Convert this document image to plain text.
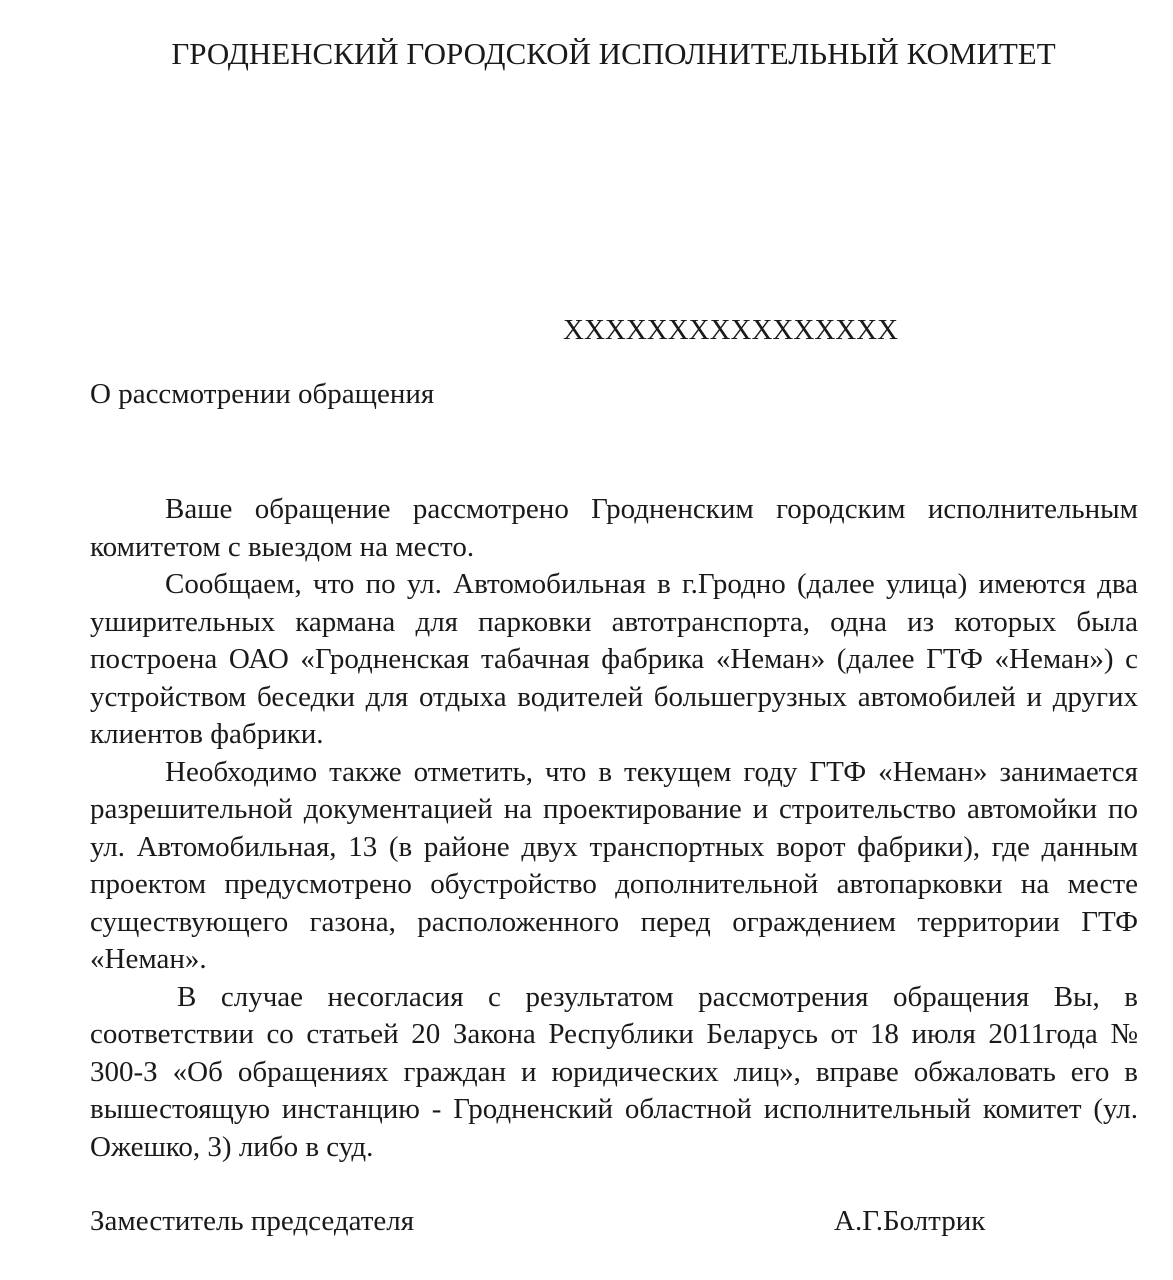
ГРОДНЕНСКИЙ ГОРОДСКОЙ ИСПОЛНИТЕЛЬНЫЙ КОМИТЕТ
ХХХХХХХХХХХХХХХХ
О рассмотрении обращения

Ваше обращение рассмотрено Гродненским городским исполнительным комитетом с выездом на место.

Сообщаем, что по ул. Автомобильная в г.Гродно (далее улица) имеются два уширительных кармана для парковки автотранспорта, одна из которых была построена ОАО «Гродненская табачная фабрика «Неман» (далее ГТФ «Неман») с устройством беседки для отдыха водителей большегрузных автомобилей и других клиентов фабрики.

Необходимо также отметить, что в текущем году ГТФ «Неман» занимается разрешительной документацией на проектирование и строительство автомойки по ул. Автомобильная, 13 (в районе двух транспортных ворот фабрики), где данным проектом предусмотрено обустройство дополнительной автопарковки на месте существующего газона, расположенного перед ограждением территории ГТФ «Неман».

В случае несогласия с результатом рассмотрения обращения Вы, в соответствии со статьей 20 Закона Республики Беларусь от 18 июля 2011года № 300-З «Об обращениях граждан и юридических лиц», вправе обжаловать его в вышестоящую инстанцию - Гродненский областной исполнительный комитет (ул. Ожешко, 3) либо в суд.

Заместитель председателя	А.Г.Болтрик
